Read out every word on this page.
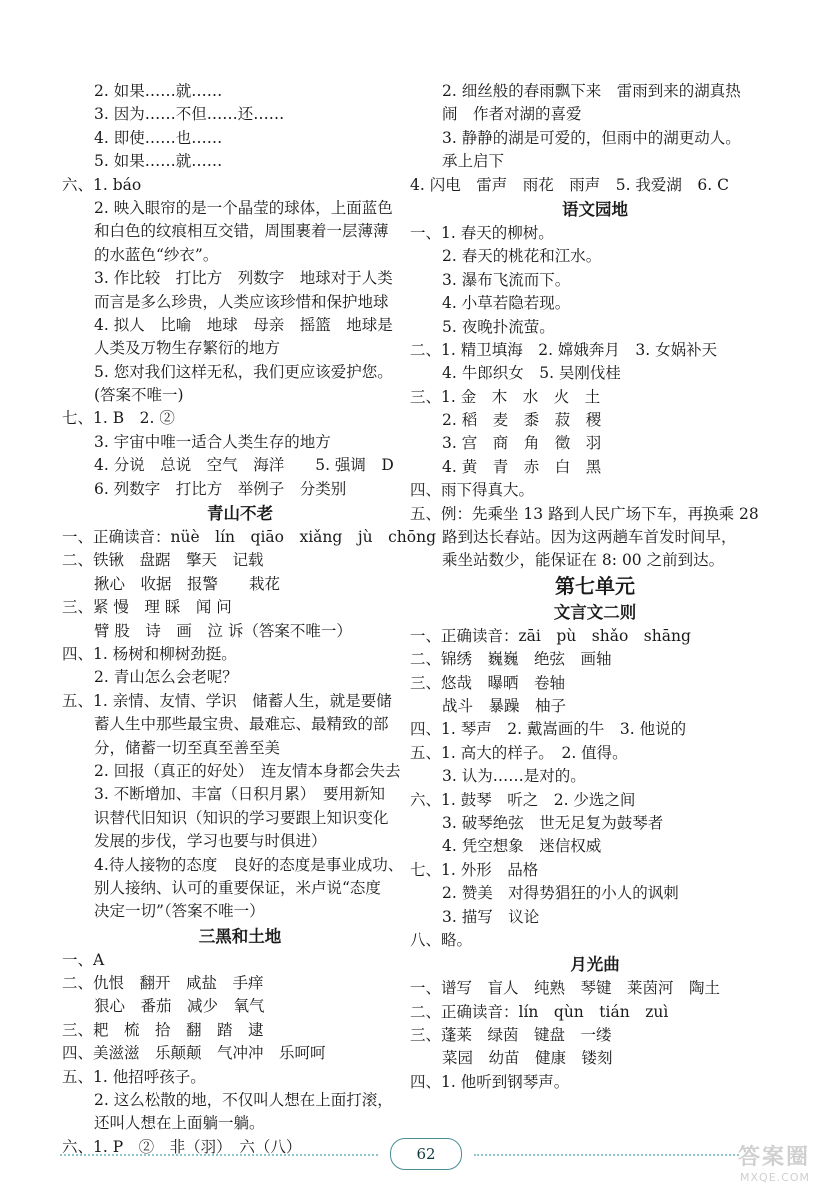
2. 如果……就……
3. 因为……不但……还……
4. 即使……也……
5. 如果……就……
六、1. báo
2. 映入眼帘的是一个晶莹的球体，上面蓝色
和白色的纹痕相互交错，周围裹着一层薄薄
的水蓝色“纱衣”。
3. 作比较　打比方　列数字　地球对于人类
而言是多么珍贵，人类应该珍惜和保护地球
4. 拟人　比喻　地球　母亲　摇篮　地球是
人类及万物生存繁衍的地方
5. 您对我们这样无私，我们更应该爱护您。
(答案不唯一)
七、1. B　2. ②
3. 宇宙中唯一适合人类生存的地方
4. 分说　总说　空气　海洋　　5. 强调　D
6. 列数字　打比方　举例子　分类别
青山不老
一、正确读音：nüè　lín　qiāo　xiǎng　jù　chōng
二、铁锹　盘踞　擎天　记载
揪心　收据　报警　　栽花
三、紧 慢　理 睬　闻 问
臂 股　诗　画　泣 诉（答案不唯一）
四、1. 杨树和柳树劲挺。
2. 青山怎么会老呢？
五、1. 亲情、友情、学识　储蓄人生，就是要储
蓄人生中那些最宝贵、最难忘、最精致的部
分，储蓄一切至真至善至美
2. 回报（真正的好处）　连友情本身都会失去
3. 不断增加、丰富（日积月累）　要用新知
识替代旧知识（知识的学习要跟上知识变化
发展的步伐，学习也要与时俱进）
4.待人接物的态度　良好的态度是事业成功、
别人接纳、认可的重要保证，米卢说“态度
决定一切”（答案不唯一）
三黑和土地
一、A
二、仇恨　翻开　咸盐　手痒
狠心　番茄　减少　氧气
三、耙　梳　拾　翻　踏　逮
四、美滋滋　乐颠颠　气冲冲　乐呵呵
五、1. 他招呼孩子。
2. 这么松散的地，不仅叫人想在上面打滚，
还叫人想在上面躺一躺。
六、1. P　②　非（羽）　六（八）
2. 细丝般的春雨飘下来　雷雨到来的湖真热
闹　作者对湖的喜爱
3. 静静的湖是可爱的，但雨中的湖更动人。
承上启下
4. 闪电　雷声　雨花　雨声　5. 我爱湖　6. C
语文园地
一、1. 春天的柳树。
2. 春天的桃花和江水。
3. 瀑布飞流而下。
4. 小草若隐若现。
5. 夜晚扑流萤。
二、1. 精卫填海　2. 嫦娥奔月　3. 女娲补天
4. 牛郎织女　5. 吴刚伐桂
三、1. 金　木　水　火　土
2. 稻　麦　黍　菽　稷
3. 宫　商　角　徵　羽
4. 黄　青　赤　白　黑
四、雨下得真大。
五、例：先乘坐 13 路到人民广场下车，再换乘 28
路到达长春站。因为这两趟车首发时间早，
乘坐站数少，能保证在 8: 00 之前到达。
第七单元
文言文二则
一、正确读音：zāi　pù　shǎo　shāng
二、锦绣　巍巍　绝弦　画轴
三、悠哉　曝晒　卷轴
战斗　暴躁　柚子
四、1. 琴声　2. 戴嵩画的牛　3. 他说的
五、1. 高大的样子。　2. 值得。
3. 认为……是对的。
六、1. 鼓琴　听之　2. 少选之间
3. 破琴绝弦　世无足复为鼓琴者
4. 凭空想象　迷信权威
七、1. 外形　品格
2. 赞美　对得势猖狂的小人的讽刺
3. 描写　议论
八、略。
月光曲
一、谱写　盲人　纯熟　琴键　莱茵河　陶土
二、正确读音：lín　qùn　tián　zuì
三、蓬莱　绿茵　键盘　一缕
菜园　幼苗　健康　镂刻
四、1. 他听到钢琴声。
62	答案圈
MXQE.COM
